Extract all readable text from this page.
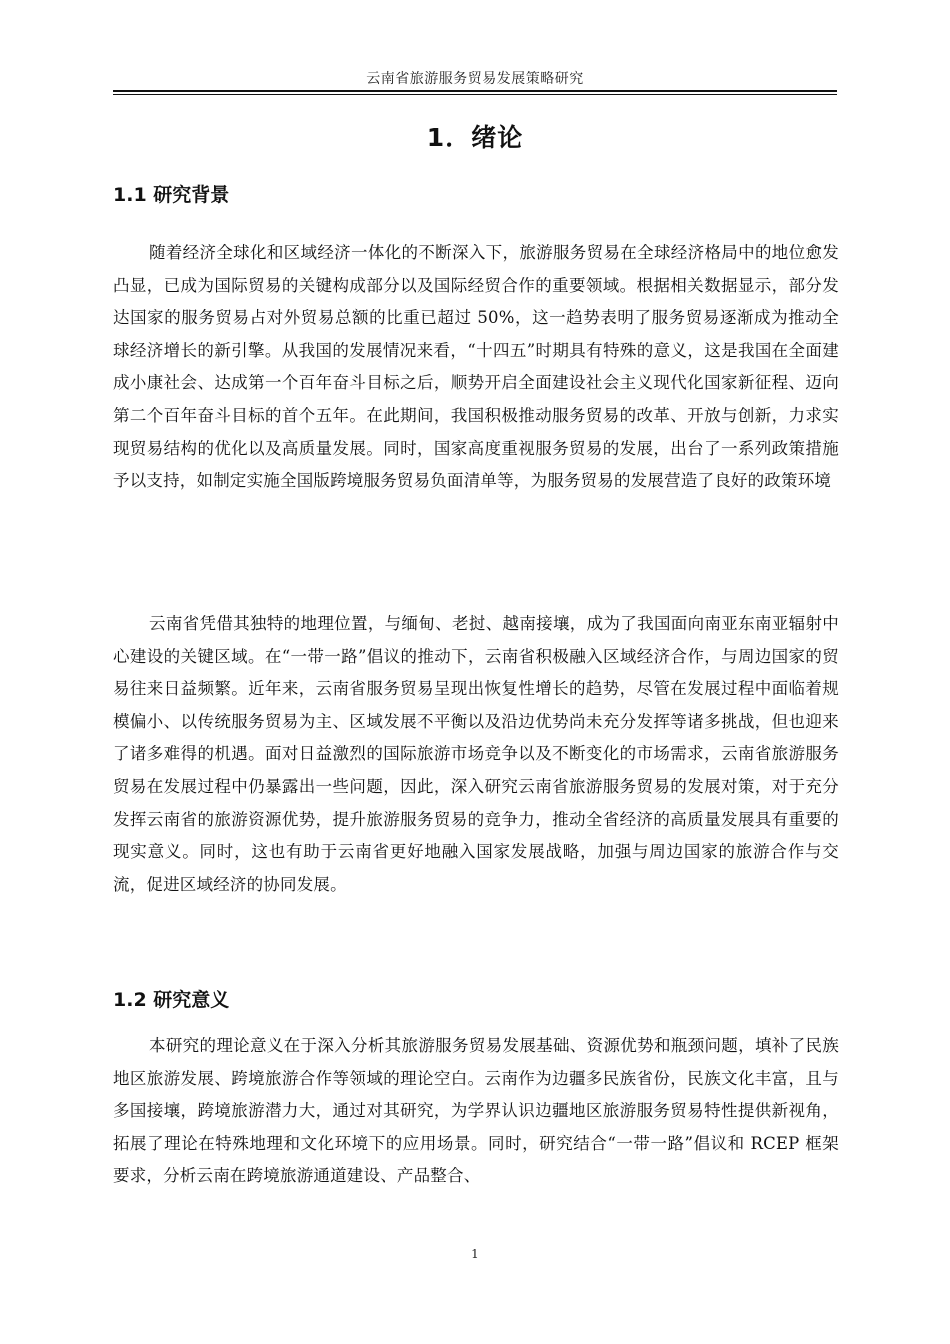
云南省旅游服务贸易发展策略研究
1．绪论
1.1 研究背景

随着经济全球化和区域经济一体化的不断深入下，旅游服务贸易在全球经济格局中的地位愈发凸显，已成为国际贸易的关键构成部分以及国际经贸合作的重要领域。根据相关数据显示，部分发达国家的服务贸易占对外贸易总额的比重已超过 50%，这一趋势表明了服务贸易逐渐成为推动全球经济增长的新引擎。从我国的发展情况来看，“十四五”时期具有特殊的意义，这是我国在全面建成小康社会、达成第一个百年奋斗目标之后，顺势开启全面建设社会主义现代化国家新征程、迈向第二个百年奋斗目标的首个五年。在此期间，我国积极推动服务贸易的改革、开放与创新，力求实现贸易结构的优化以及高质量发展。同时，国家高度重视服务贸易的发展，出台了一系列政策措施予以支持，如制定实施全国版跨境服务贸易负面清单等，为服务贸易的发展营造了良好的政策环境

云南省凭借其独特的地理位置，与缅甸、老挝、越南接壤，成为了我国面向南亚东南亚辐射中心建设的关键区域。在“一带一路”倡议的推动下，云南省积极融入区域经济合作，与周边国家的贸易往来日益频繁。近年来，云南省服务贸易呈现出恢复性增长的趋势，尽管在发展过程中面临着规模偏小、以传统服务贸易为主、区域发展不平衡以及沿边优势尚未充分发挥等诸多挑战，但也迎来了诸多难得的机遇。面对日益激烈的国际旅游市场竞争以及不断变化的市场需求，云南省旅游服务贸易在发展过程中仍暴露出一些问题，因此，深入研究云南省旅游服务贸易的发展对策，对于充分发挥云南省的旅游资源优势，提升旅游服务贸易的竞争力，推动全省经济的高质量发展具有重要的现实意义。同时，这也有助于云南省更好地融入国家发展战略，加强与周边国家的旅游合作与交流，促进区域经济的协同发展。

1.2 研究意义

本研究的理论意义在于深入分析其旅游服务贸易发展基础、资源优势和瓶颈问题，填补了民族地区旅游发展、跨境旅游合作等领域的理论空白。云南作为边疆多民族省份，民族文化丰富，且与多国接壤，跨境旅游潜力大，通过对其研究，为学界认识边疆地区旅游服务贸易特性提供新视角，拓展了理论在特殊地理和文化环境下的应用场景。同时，研究结合“一带一路”倡议和 RCEP 框架要求，分析云南在跨境旅游通道建设、产品整合、

1
